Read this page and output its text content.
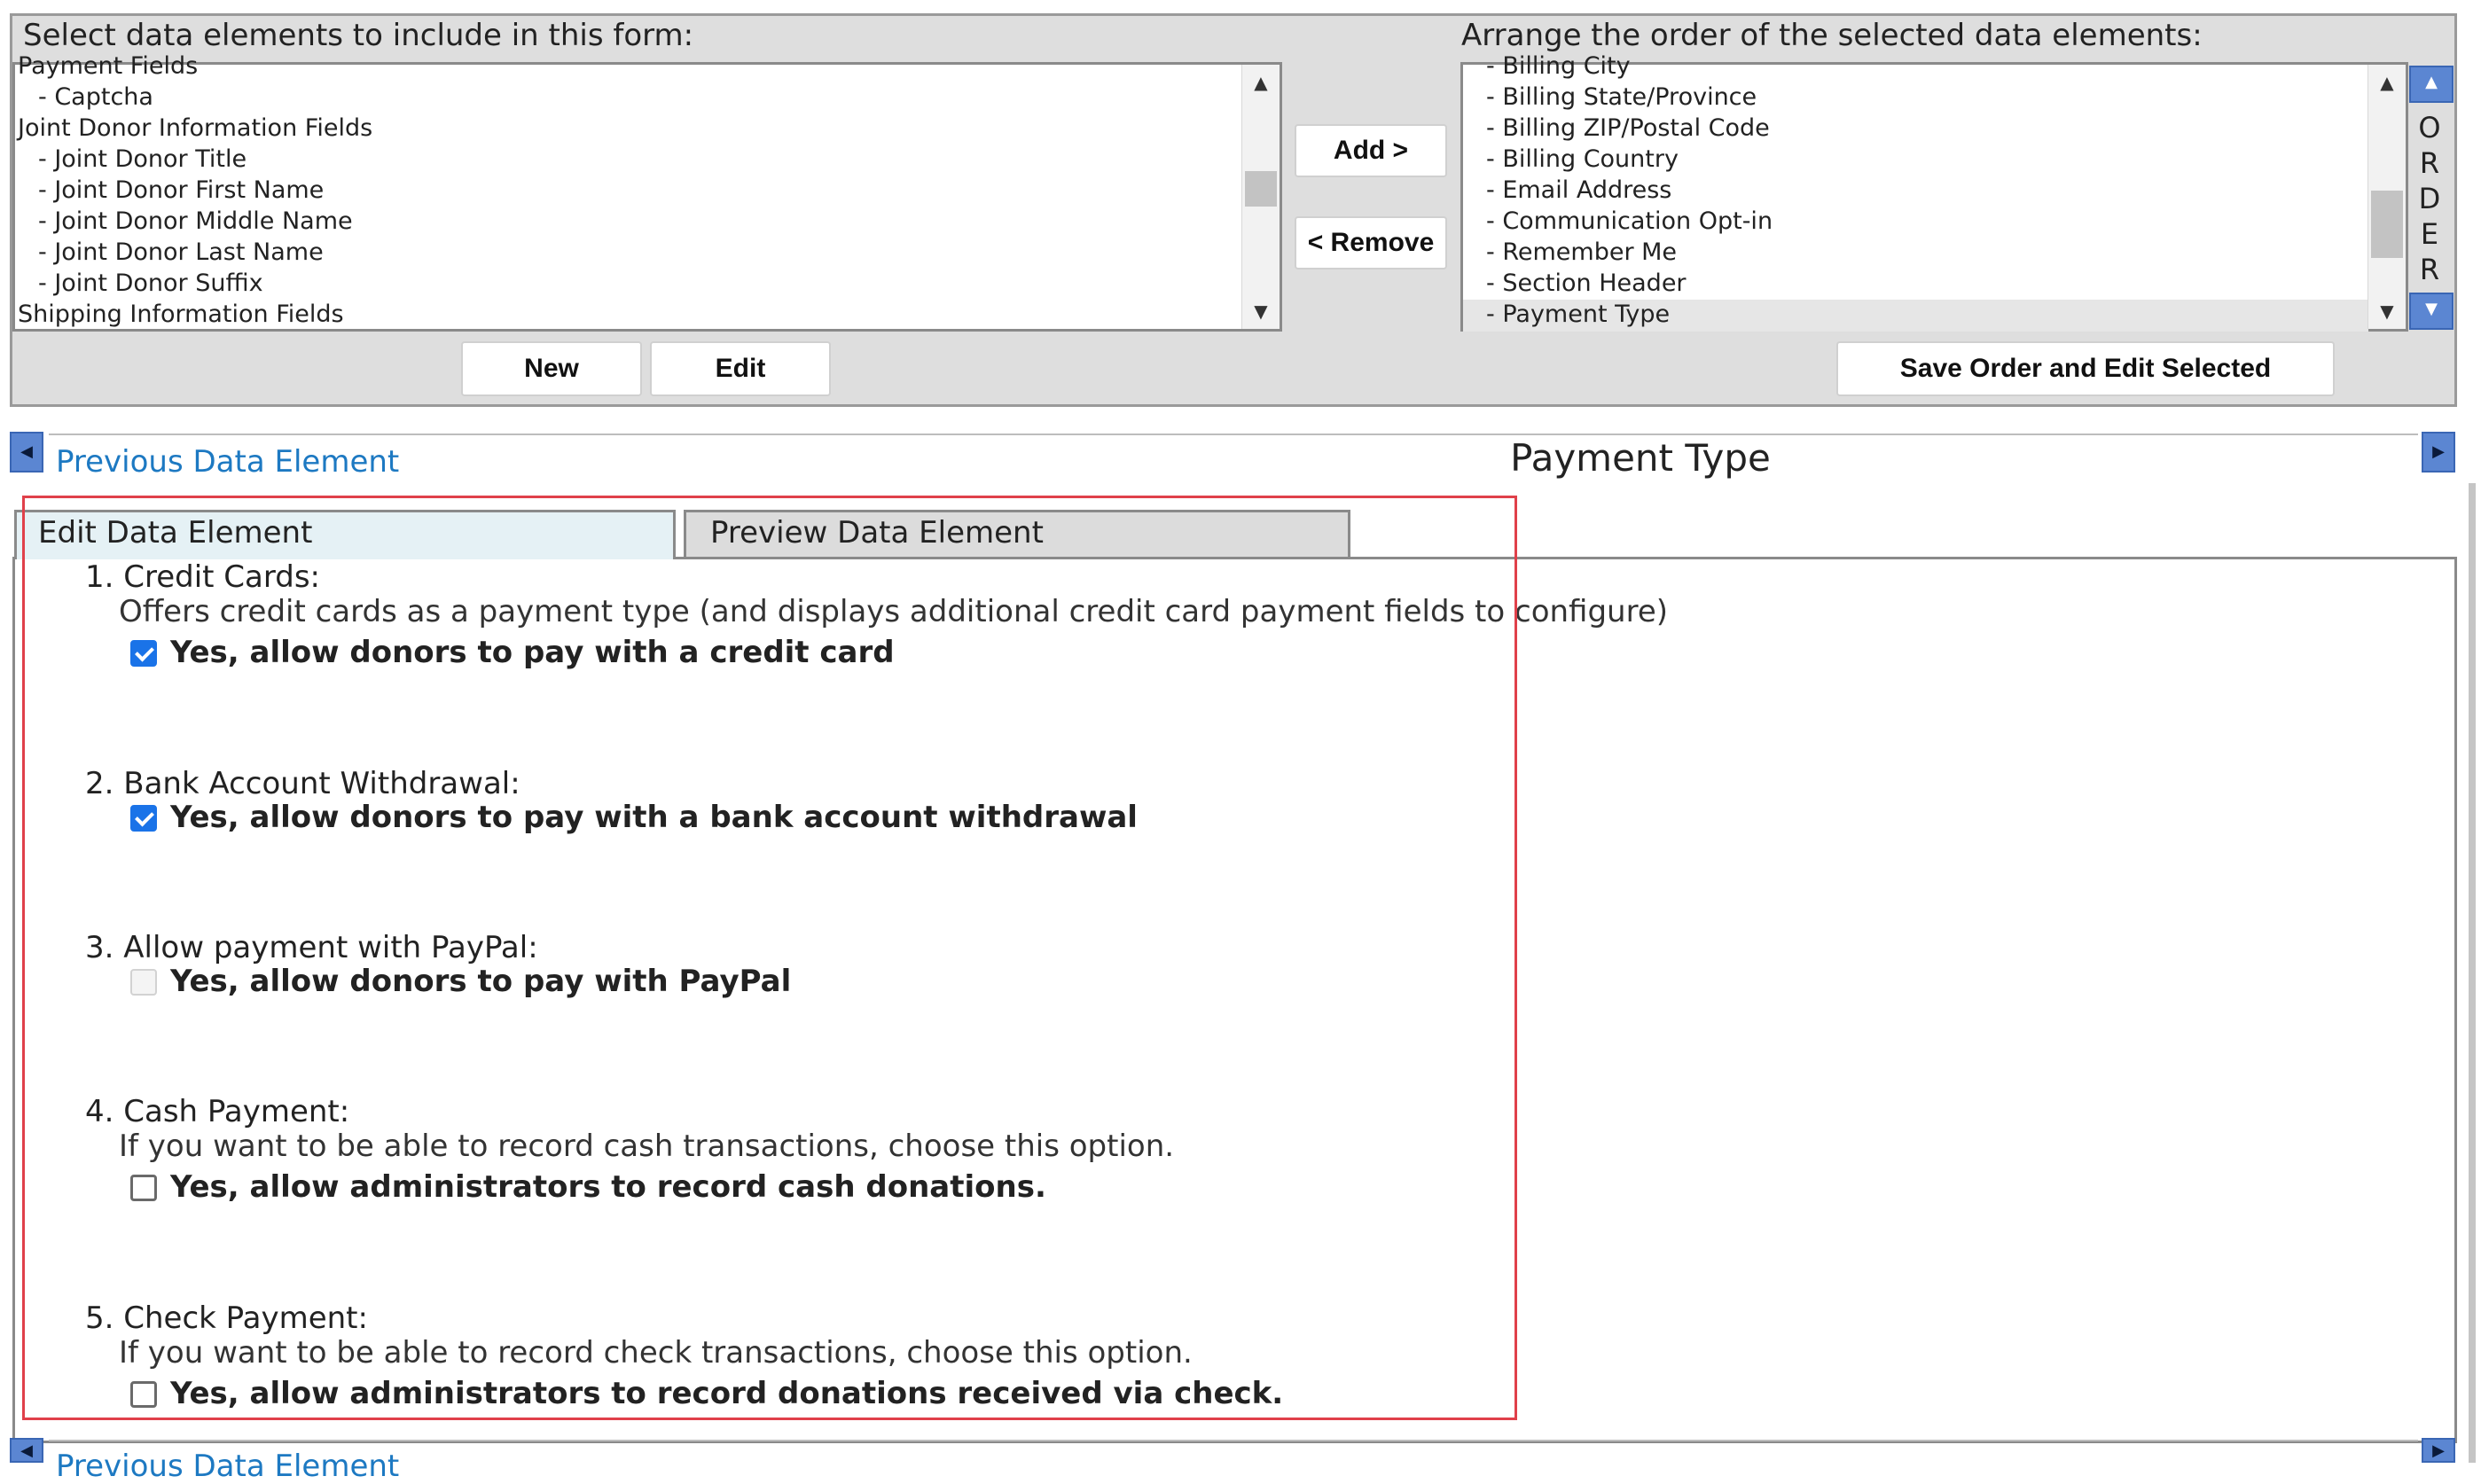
Select data elements to include in this form:	Arrange the order of the selected data elements:
Payment Fields
- Captcha
Joint Donor Information Fields
- Joint Donor Title
- Joint Donor First Name
- Joint Donor Middle Name
- Joint Donor Last Name
- Joint Donor Suffix
Shipping Information Fields
▲
▼
Add >
< Remove
- Billing City
- Billing State/Province
- Billing ZIP/Postal Code
- Billing Country
- Email Address
- Communication Opt-in
- Remember Me
- Section Header
- Payment Type
▲
▼
▲
O
R
D
E
R
▼
New	Edit	Save Order and Edit Selected
◀ Previous Data Element	Payment Type	▶
Edit Data Element	Preview Data Element
1. Credit Cards:
Offers credit cards as a payment type (and displays additional credit card payment fields to configure)
Yes, allow donors to pay with a credit card
2. Bank Account Withdrawal:
Yes, allow donors to pay with a bank account withdrawal
3. Allow payment with PayPal:
Yes, allow donors to pay with PayPal
4. Cash Payment:
If you want to be able to record cash transactions, choose this option.
Yes, allow administrators to record cash donations.
5. Check Payment:
If you want to be able to record check transactions, choose this option.
Yes, allow administrators to record donations received via check.
◀ Previous Data Element	▶
